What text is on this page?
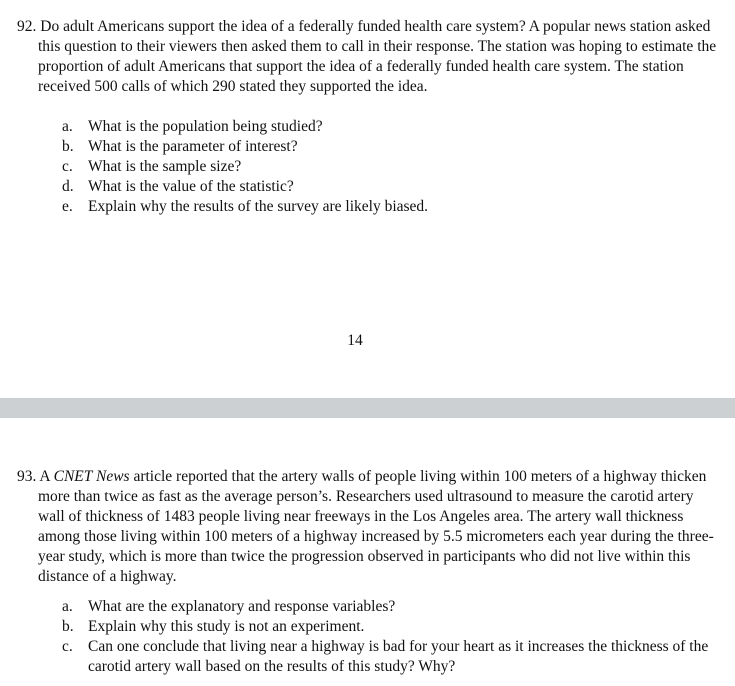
92. Do adult Americans support the idea of a federally funded health care system? A popular news station asked this question to their viewers then asked them to call in their response. The station was hoping to estimate the proportion of adult Americans that support the idea of a federally funded health care system. The station received 500 calls of which 290 stated they supported the idea.

a. What is the population being studied?
b. What is the parameter of interest?
c. What is the sample size?
d. What is the value of the statistic?
e. Explain why the results of the survey are likely biased.
14

93. A CNET News article reported that the artery walls of people living within 100 meters of a highway thicken more than twice as fast as the average person’s. Researchers used ultrasound to measure the carotid artery wall of thickness of 1483 people living near freeways in the Los Angeles area. The artery wall thickness among those living within 100 meters of a highway increased by 5.5 micrometers each year during the three-year study, which is more than twice the progression observed in participants who did not live within this distance of a highway.

a. What are the explanatory and response variables?
b. Explain why this study is not an experiment.
c. Can one conclude that living near a highway is bad for your heart as it increases the thickness of the carotid artery wall based on the results of this study? Why?
